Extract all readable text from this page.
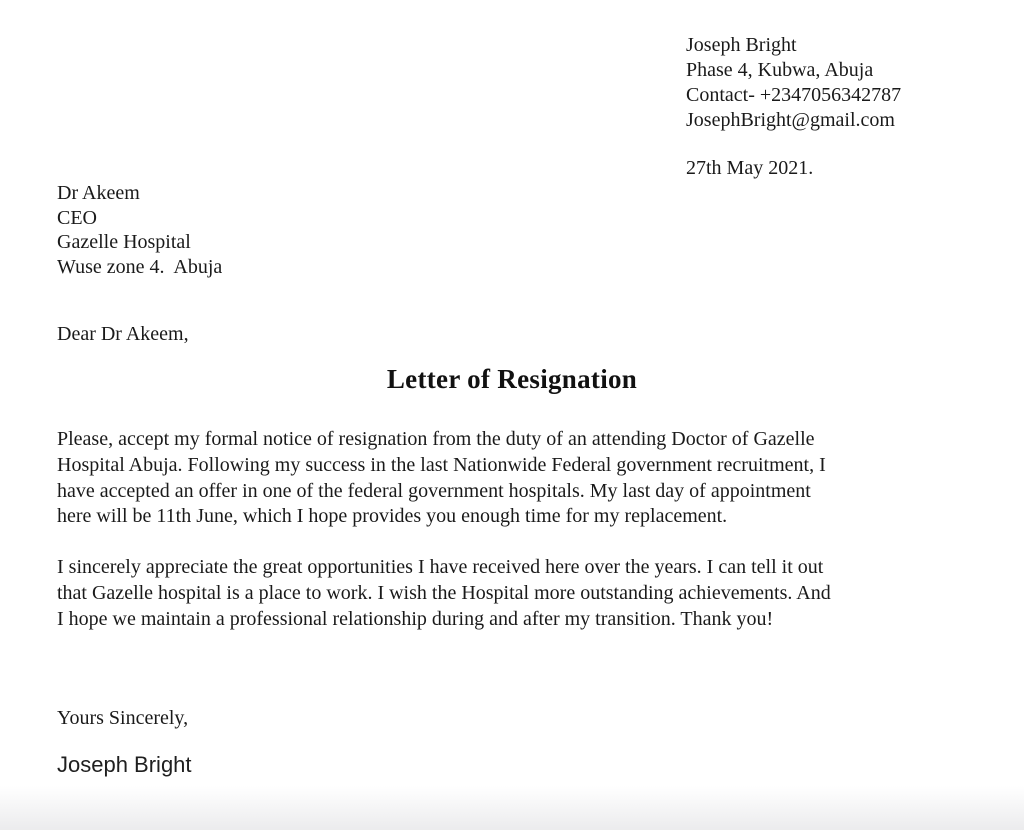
Joseph Bright
Phase 4, Kubwa, Abuja
Contact- +2347056342787
JosephBright@gmail.com
27th May 2021.
Dr Akeem
CEO
Gazelle Hospital
Wuse zone 4.  Abuja
Dear Dr Akeem,
Letter of Resignation
Please, accept my formal notice of resignation from the duty of an attending Doctor of Gazelle
Hospital Abuja. Following my success in the last Nationwide Federal government recruitment, I
have accepted an offer in one of the federal government hospitals. My last day of appointment
here will be 11th June, which I hope provides you enough time for my replacement.
I sincerely appreciate the great opportunities I have received here over the years. I can tell it out
that Gazelle hospital is a place to work. I wish the Hospital more outstanding achievements. And
I hope we maintain a professional relationship during and after my transition. Thank you!
Yours Sincerely,
Joseph Bright
